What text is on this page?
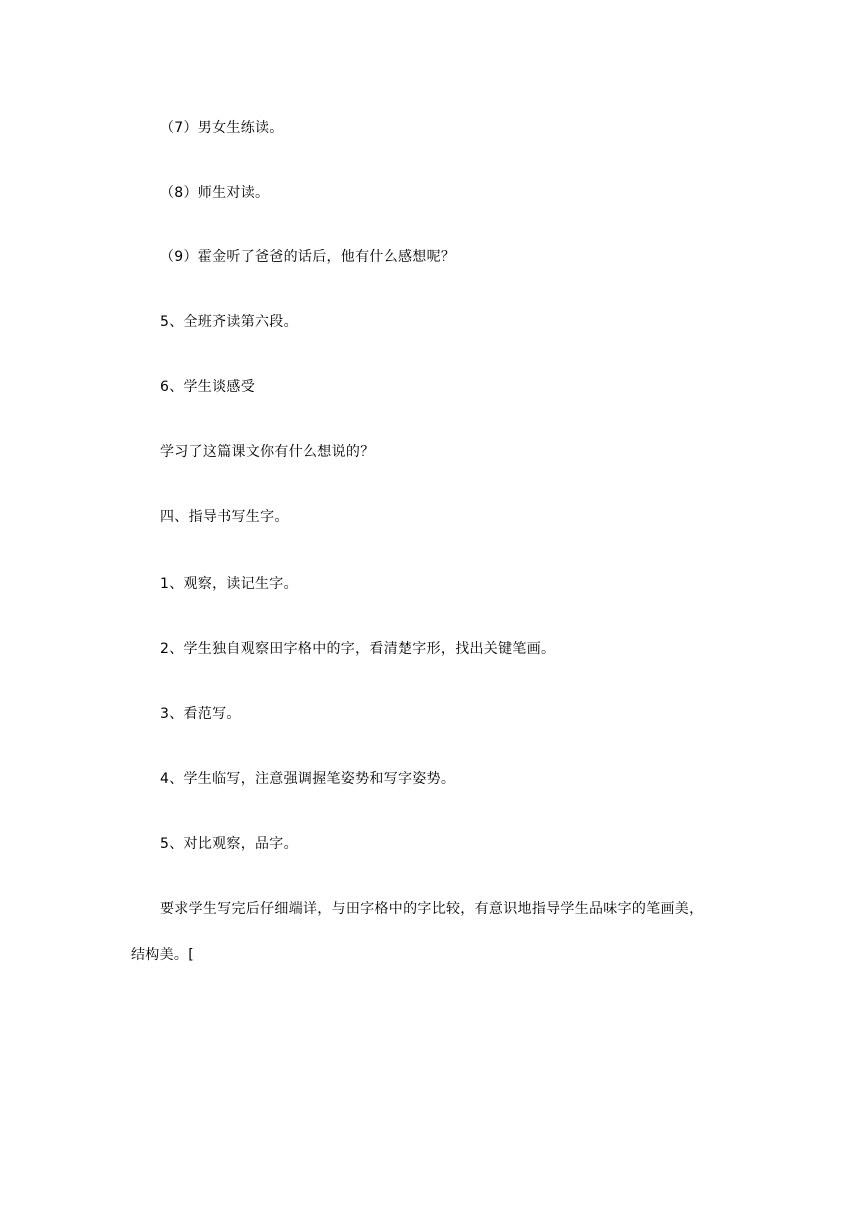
（7）男女生练读。
（8）师生对读。
（9）霍金听了爸爸的话后，他有什么感想呢？
5、全班齐读第六段。
6、学生谈感受
学习了这篇课文你有什么想说的？
四、指导书写生字。
1、观察，读记生字。
2、学生独自观察田字格中的字，看清楚字形，找出关键笔画。
3、看范写。
4、学生临写，注意强调握笔姿势和写字姿势。
5、对比观察，品字。
要求学生写完后仔细端详，与田字格中的字比较，有意识地指导学生品味字的笔画美，
结构美。[
